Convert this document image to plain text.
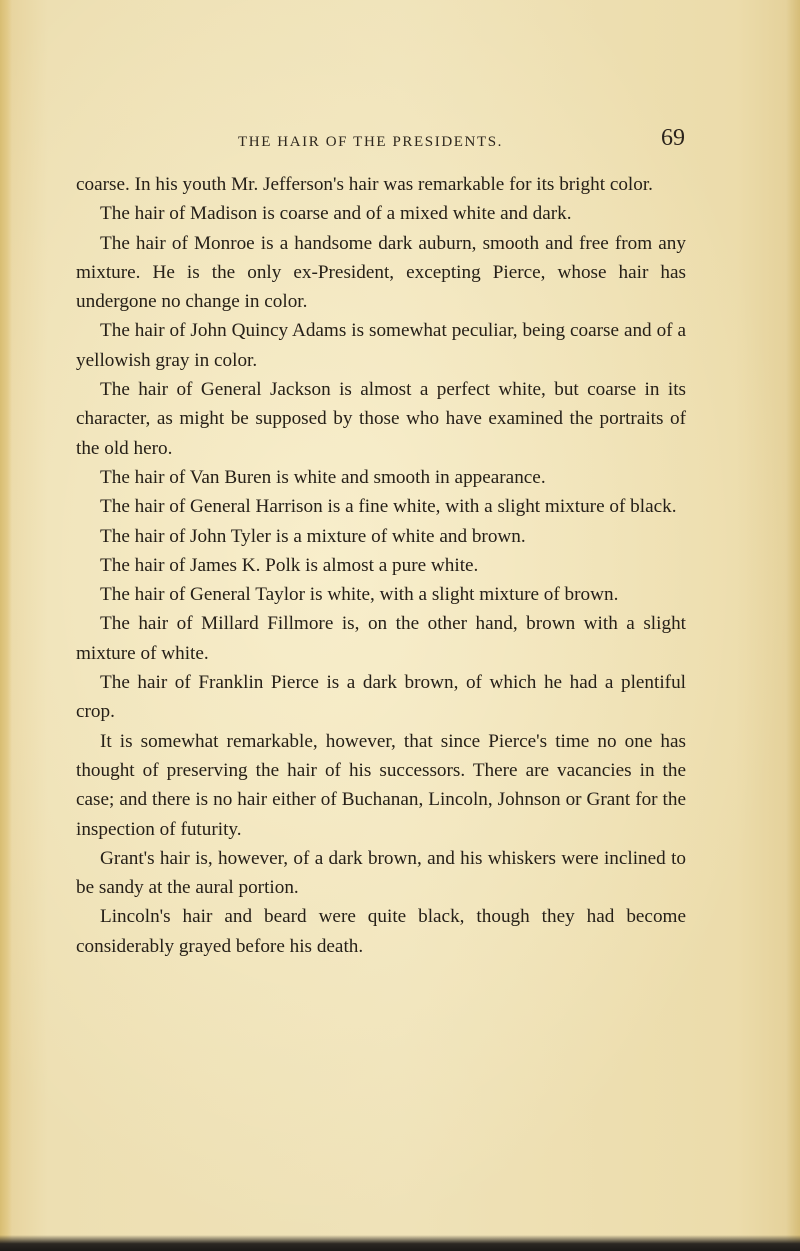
THE HAIR OF THE PRESIDENTS.	69

coarse. In his youth Mr. Jefferson's hair was remarkable for its bright color.

The hair of Madison is coarse and of a mixed white and dark.

The hair of Monroe is a handsome dark auburn, smooth and free from any mixture. He is the only ex-President, excepting Pierce, whose hair has undergone no change in color.

The hair of John Quincy Adams is somewhat peculiar, being coarse and of a yellowish gray in color.

The hair of General Jackson is almost a perfect white, but coarse in its character, as might be supposed by those who have examined the portraits of the old hero.

The hair of Van Buren is white and smooth in appearance.

The hair of General Harrison is a fine white, with a slight mixture of black.

The hair of John Tyler is a mixture of white and brown.

The hair of James K. Polk is almost a pure white.

The hair of General Taylor is white, with a slight mixture of brown.

The hair of Millard Fillmore is, on the other hand, brown with a slight mixture of white.

The hair of Franklin Pierce is a dark brown, of which he had a plentiful crop.

It is somewhat remarkable, however, that since Pierce's time no one has thought of preserving the hair of his successors. There are vacancies in the case; and there is no hair either of Buchanan, Lincoln, Johnson or Grant for the inspection of futurity.

Grant's hair is, however, of a dark brown, and his whiskers were inclined to be sandy at the aural portion.

Lincoln's hair and beard were quite black, though they had become considerably grayed before his death.
